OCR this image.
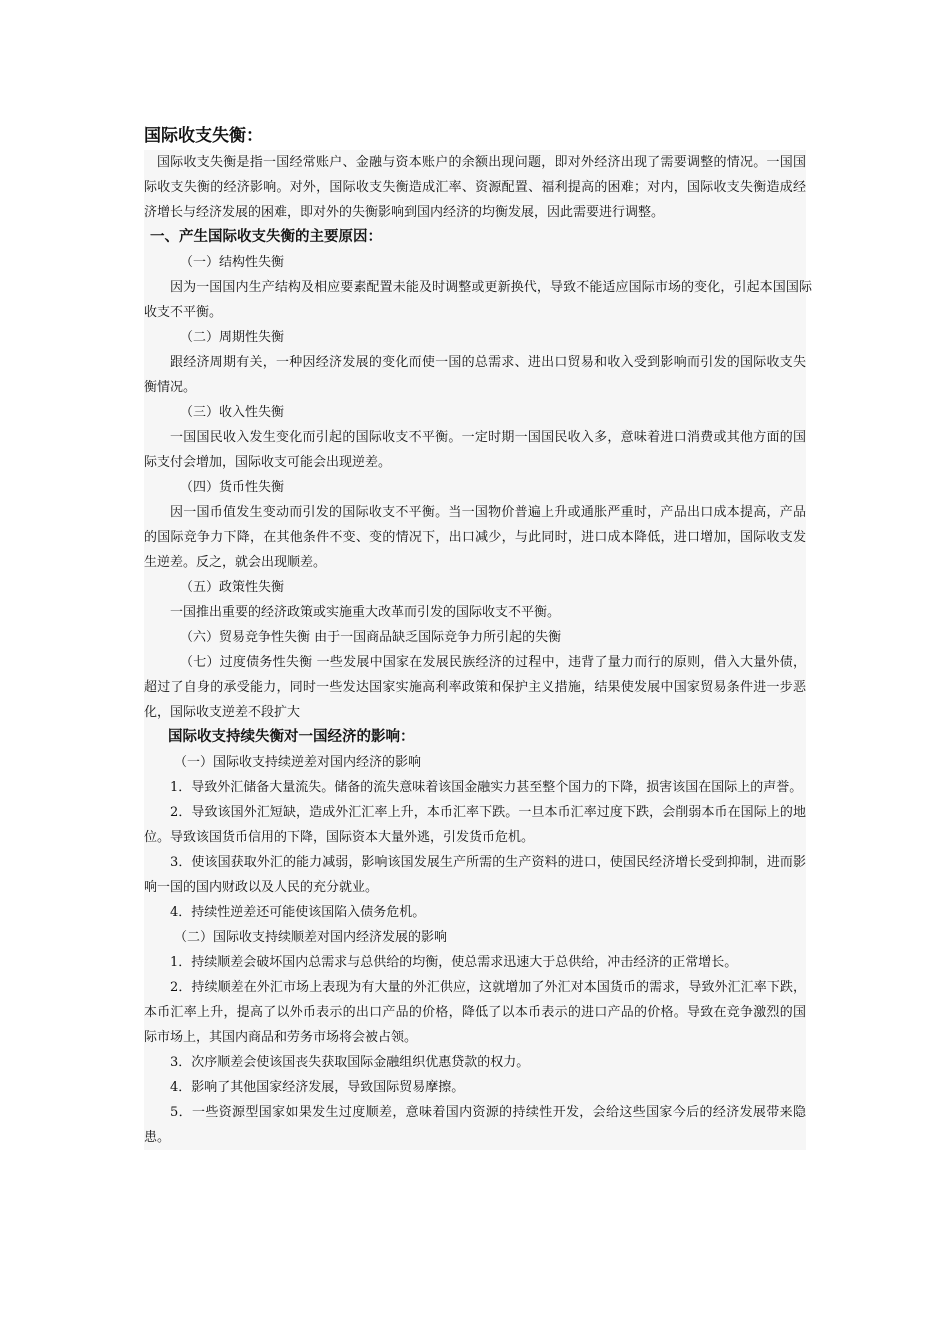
国际收支失衡：

国际收支失衡是指一国经常账户、金融与资本账户的余额出现问题，即对外经济出现了需要调整的情况。一国国际收支失衡的经济影响。对外，国际收支失衡造成汇率、资源配置、福利提高的困难；对内，国际收支失衡造成经济增长与经济发展的困难，即对外的失衡影响到国内经济的均衡发展，因此需要进行调整。

一、产生国际收支失衡的主要原因：

（一）结构性失衡

因为一国国内生产结构及相应要素配置未能及时调整或更新换代，导致不能适应国际市场的变化，引起本国国际收支不平衡。

（二）周期性失衡

跟经济周期有关，一种因经济发展的变化而使一国的总需求、进出口贸易和收入受到影响而引发的国际收支失衡情况。

（三）收入性失衡

一国国民收入发生变化而引起的国际收支不平衡。一定时期一国国民收入多，意味着进口消费或其他方面的国际支付会增加，国际收支可能会出现逆差。

（四）货币性失衡

因一国币值发生变动而引发的国际收支不平衡。当一国物价普遍上升或通胀严重时，产品出口成本提高，产品的国际竞争力下降，在其他条件不变、变的情况下，出口减少，与此同时，进口成本降低，进口增加，国际收支发生逆差。反之，就会出现顺差。

（五）政策性失衡

一国推出重要的经济政策或实施重大改革而引发的国际收支不平衡。

（六）贸易竞争性失衡 由于一国商品缺乏国际竞争力所引起的失衡

（七）过度债务性失衡 一些发展中国家在发展民族经济的过程中，违背了量力而行的原则，借入大量外债，超过了自身的承受能力，同时一些发达国家实施高利率政策和保护主义措施，结果使发展中国家贸易条件进一步恶化，国际收支逆差不段扩大

国际收支持续失衡对一国经济的影响：

（一）国际收支持续逆差对国内经济的影响

1．导致外汇储备大量流失。储备的流失意味着该国金融实力甚至整个国力的下降，损害该国在国际上的声誉。

2．导致该国外汇短缺，造成外汇汇率上升，本币汇率下跌。一旦本币汇率过度下跌，会削弱本币在国际上的地位。导致该国货币信用的下降，国际资本大量外逃，引发货币危机。

3．使该国获取外汇的能力减弱，影响该国发展生产所需的生产资料的进口，使国民经济增长受到抑制，进而影响一国的国内财政以及人民的充分就业。

4．持续性逆差还可能使该国陷入债务危机。

（二）国际收支持续顺差对国内经济发展的影响

1．持续顺差会破坏国内总需求与总供给的均衡，使总需求迅速大于总供给，冲击经济的正常增长。

2．持续顺差在外汇市场上表现为有大量的外汇供应，这就增加了外汇对本国货币的需求，导致外汇汇率下跌，本币汇率上升，提高了以外币表示的出口产品的价格，降低了以本币表示的进口产品的价格。导致在竞争激烈的国际市场上，其国内商品和劳务市场将会被占领。

3．次序顺差会使该国丧失获取国际金融组织优惠贷款的权力。

4．影响了其他国家经济发展，导致国际贸易摩擦。

5．一些资源型国家如果发生过度顺差，意味着国内资源的持续性开发，会给这些国家今后的经济发展带来隐患。
